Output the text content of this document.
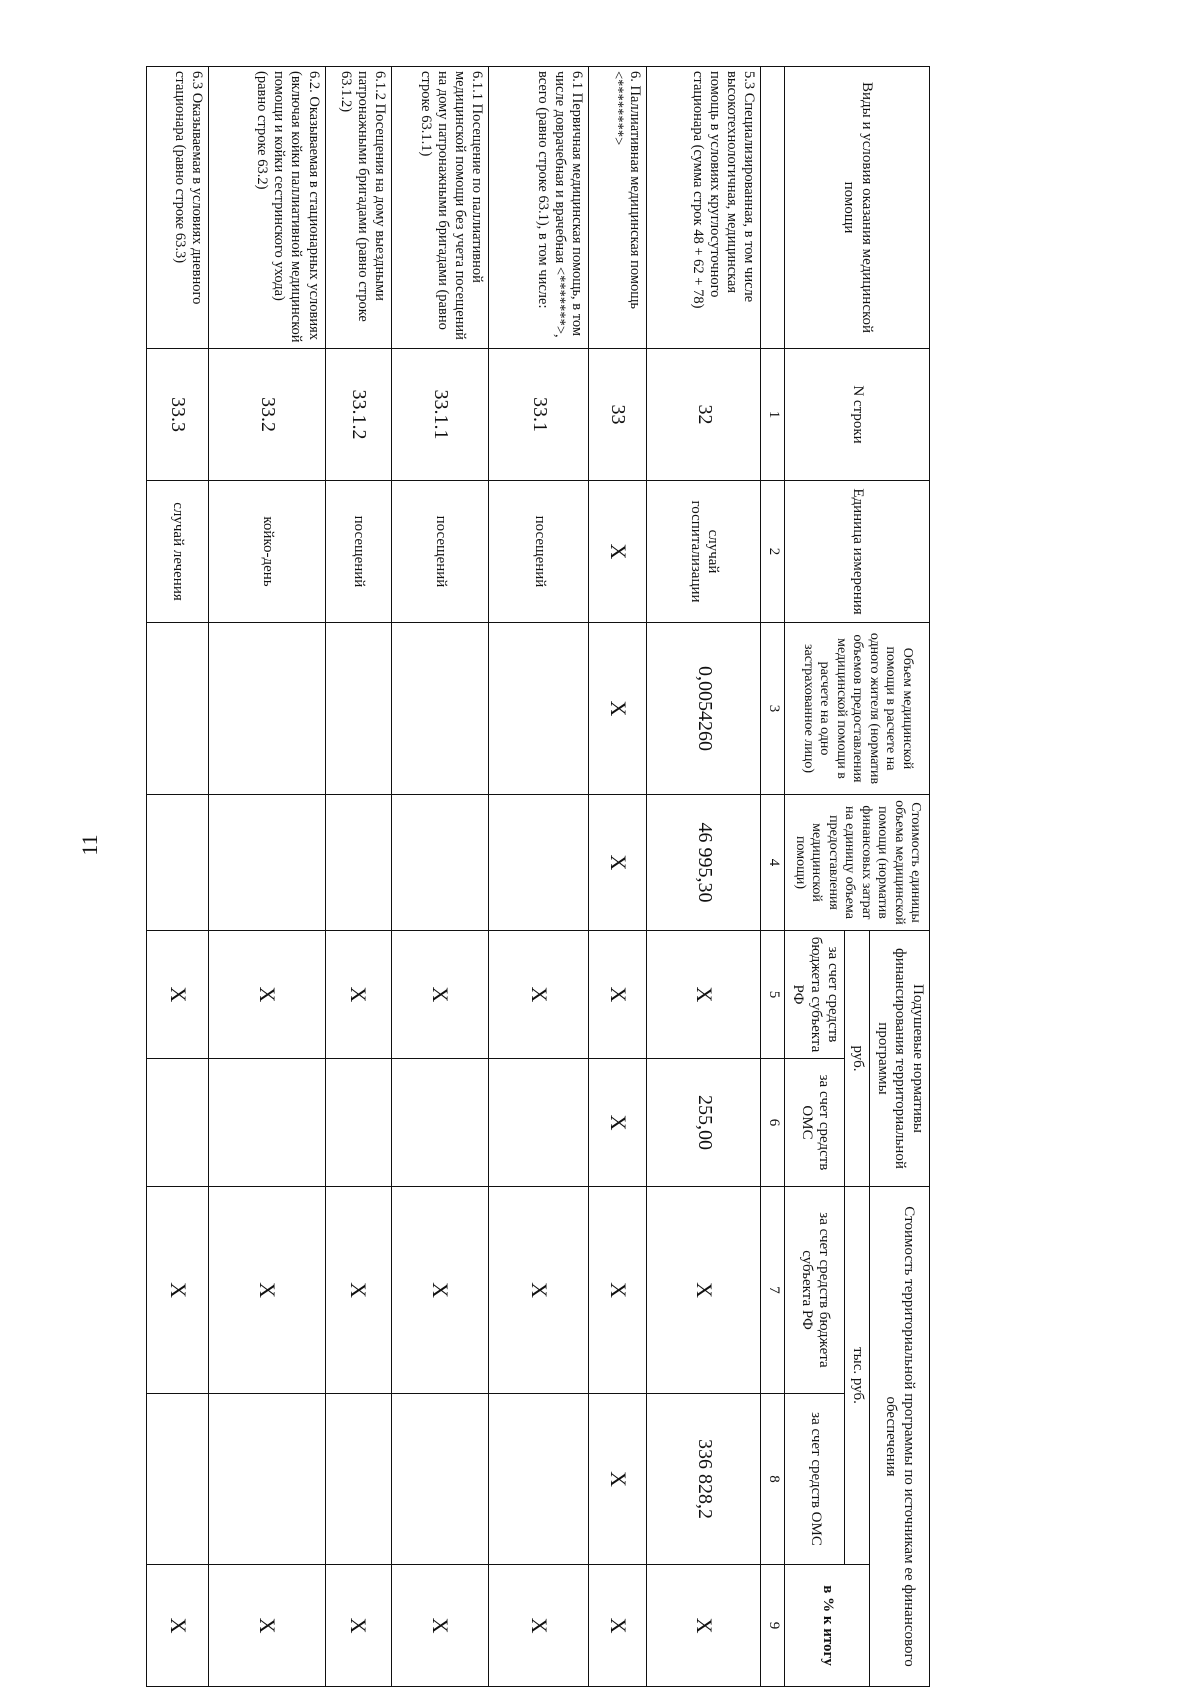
11
Виды и условия оказания медицинской помощи	N строки	Единица измерения	Объем медицинской помощи в расчете на одного жителя (норматив объемов предоставления медицинской помощи в расчете на одно застрахованное лицо)	Стоимость единицы объема медицинской помощи (норматив финансовых затрат на единицу объема предоставления медицинской помощи)	Подушевые нормативы финансирования территориальной программы		Стоимость территориальной программы по источникам ее финансового обеспечения		
					руб.		тыс. руб.		в % к итогу
					за счет средств бюджета субъекта РФ	за счет средств ОМС	за счет средств бюджета субъекта РФ	за счет средств ОМС	
	1	2	3	4	5	6	7	8	9
5.3 Специализированная, в том числе высокотехнологичная, медицинская помощь в условиях круглосуточного стационара (сумма строк 48 + 62 + 78)	32	случай госпитализации	0,0054260	46 995,30	X	255,00	X	336 828,2	X
6. Паллиативная медицинская помощь <********>	33	X	X	X	X	X	X	X	X
6.1 Первичная медицинская помощь, в том числе доврачебная и врачебная <*******>, всего (равно строке 63.1), в том числе:	33.1	посещений			X		X		X
6.1.1 Посещение по паллиативной медицинской помощи без учета посещений на дому патронажными бригадами (равно строке 63.1.1)	33.1.1	посещений			X		X		X
6.1.2 Посещения на дому выездными патронажными бригадами (равно строке 63.1.2)	33.1.2	посещений			X		X		X
6.2. Оказываемая в стационарных условиях (включая койки паллиативной медицинской помощи и койки сестринского ухода) (равно строке 63.2)	33.2	койко-день			X		X		X
6.3 Оказываемая в условиях дневного стационара (равно строке 63.3)	33.3	случай лечения			X		X		X
